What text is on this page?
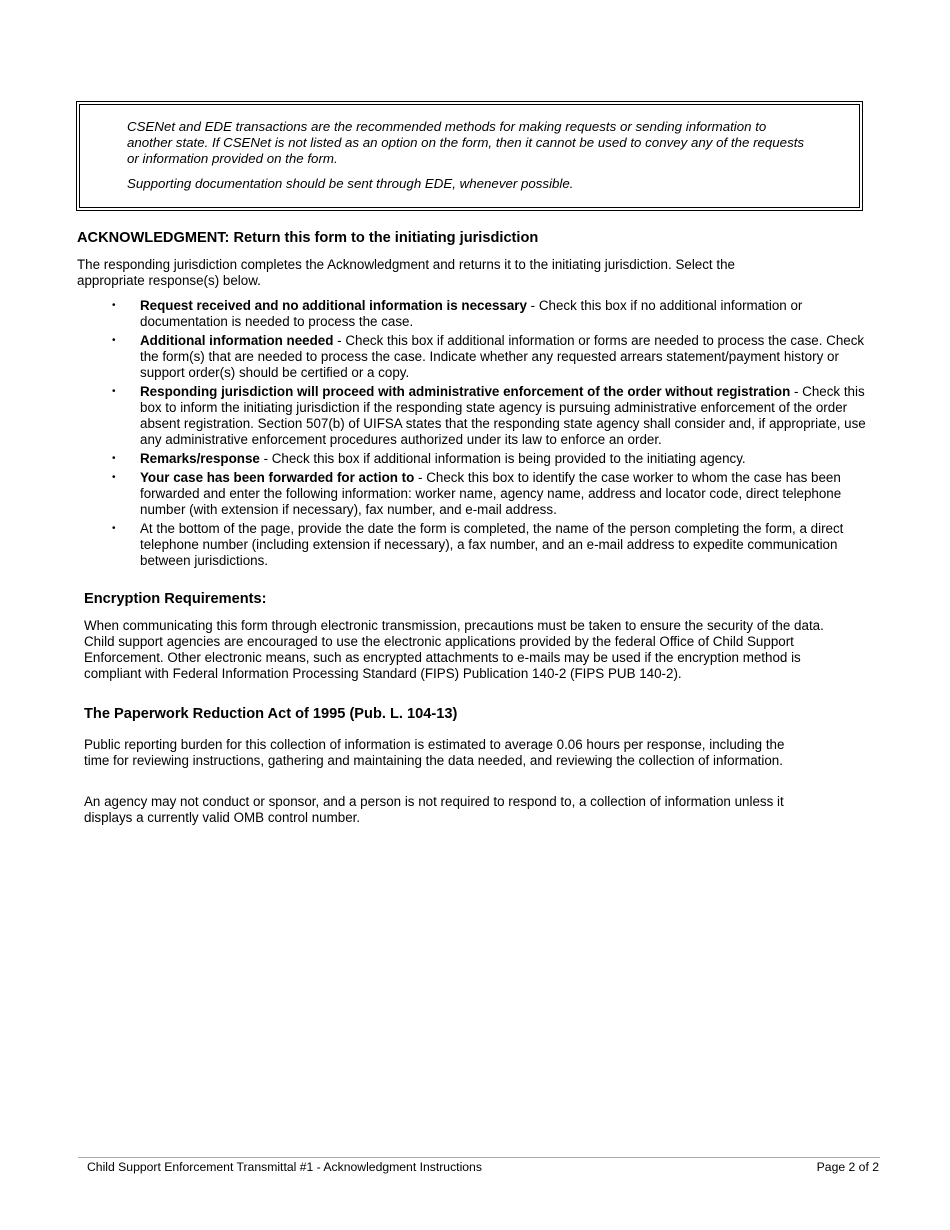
CSENet and EDE transactions are the recommended methods for making requests or sending information to another state. If CSENet is not listed as an option on the form, then it cannot be used to convey any of the requests or information provided on the form.

Supporting documentation should be sent through EDE, whenever possible.

ACKNOWLEDGMENT: Return this form to the initiating jurisdiction

The responding jurisdiction completes the Acknowledgment and returns it to the initiating jurisdiction. Select the appropriate response(s) below.

• Request received and no additional information is necessary - Check this box if no additional information or documentation is needed to process the case.
• Additional information needed - Check this box if additional information or forms are needed to process the case. Check the form(s) that are needed to process the case. Indicate whether any requested arrears statement/payment history or support order(s) should be certified or a copy.
• Responding jurisdiction will proceed with administrative enforcement of the order without registration - Check this box to inform the initiating jurisdiction if the responding state agency is pursuing administrative enforcement of the order absent registration. Section 507(b) of UIFSA states that the responding state agency shall consider and, if appropriate, use any administrative enforcement procedures authorized under its law to enforce an order.
• Remarks/response - Check this box if additional information is being provided to the initiating agency.
• Your case has been forwarded for action to - Check this box to identify the case worker to whom the case has been forwarded and enter the following information: worker name, agency name, address and locator code, direct telephone number (with extension if necessary), fax number, and e-mail address.
• At the bottom of the page, provide the date the form is completed, the name of the person completing the form, a direct telephone number (including extension if necessary), a fax number, and an e-mail address to expedite communication between jurisdictions.
Encryption Requirements:

When communicating this form through electronic transmission, precautions must be taken to ensure the security of the data. Child support agencies are encouraged to use the electronic applications provided by the federal Office of Child Support Enforcement. Other electronic means, such as encrypted attachments to e-mails may be used if the encryption method is compliant with Federal Information Processing Standard (FIPS) Publication 140-2 (FIPS PUB 140-2).

The Paperwork Reduction Act of 1995 (Pub. L. 104-13)

Public reporting burden for this collection of information is estimated to average 0.06 hours per response, including the time for reviewing instructions, gathering and maintaining the data needed, and reviewing the collection of information.

An agency may not conduct or sponsor, and a person is not required to respond to, a collection of information unless it displays a currently valid OMB control number.

Child Support Enforcement Transmittal #1 - Acknowledgment Instructions	Page 2 of 2
